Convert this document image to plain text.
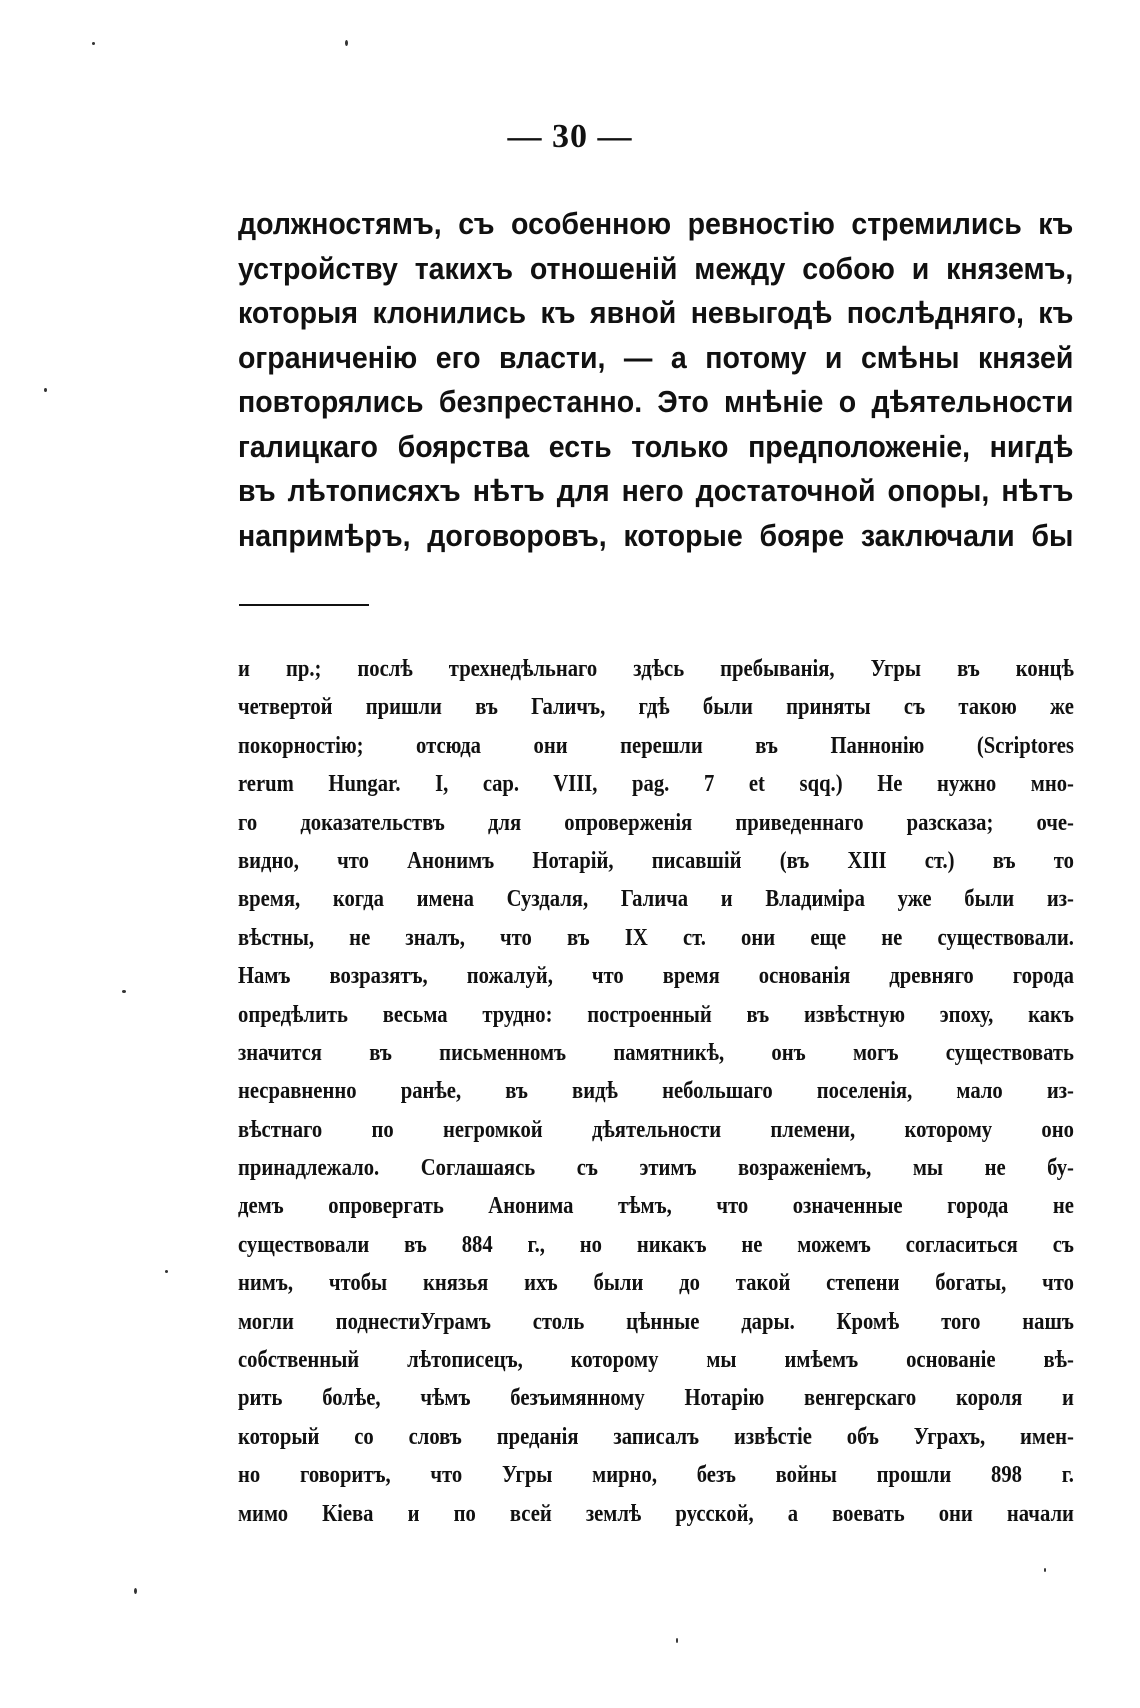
— 30 —
должностямъ, съ особенною ревностію стремились къ
устройству такихъ отношеній между собою и княземъ,
которыя клонились къ явной невыгодѣ послѣдняго, къ
ограниченію его власти, — а потому и смѣны князей
повторялись безпрестанно. Это мнѣніе о дѣятельности
галицкаго боярства есть только предположеніе, нигдѣ
въ лѣтописяхъ нѣтъ для него достаточной опоры, нѣтъ
напримѣръ, договоровъ, которые бояре заключали бы
и пр.; послѣ трехнедѣльнаго здѣсь пребыванія, Угры въ концѣ
четвертой пришли въ Галичъ, гдѣ были приняты съ такою же
покорностію; отсюда они перешли въ Паннонію (Scriptores
rerum Hungar. I, cap. VIII, pag. 7 et sqq.) Не нужно мно-
го доказательствъ для опроверженія приведеннаго разсказа; оче-
видно, что Анонимъ Нотарій, писавшій (въ XIII ст.) въ то
время, когда имена Суздаля, Галича и Владиміра уже были из-
вѣстны, не зналъ, что въ IX ст. они еще не существовали.
Намъ возразятъ, пожалуй, что время основанія древняго города
опредѣлить весьма трудно: построенный въ извѣстную эпоху, какъ
значится въ письменномъ памятникѣ, онъ могъ существовать
несравненно ранѣе, въ видѣ небольшаго поселенія, мало из-
вѣстнаго по негромкой дѣятельности племени, которому оно
принадлежало. Соглашаясь съ этимъ возраженіемъ, мы не бу-
демъ опровергать Анонима тѣмъ, что означенные города не
существовали въ 884 г., но никакъ не можемъ согласиться съ
нимъ, чтобы князья ихъ были до такой степени богаты, что
могли поднестиУграмъ столь цѣнные дары. Кромѣ того нашъ
собственный лѣтописецъ, которому мы имѣемъ основаніе вѣ-
рить болѣе, чѣмъ безъимянному Нотарію венгерскаго короля и
который со словъ преданія записалъ извѣстіе объ Уграхъ, имен-
но говоритъ, что Угры мирно, безъ войны прошли 898 г.
мимо Кіева и по всей землѣ русской, а воевать они начали
